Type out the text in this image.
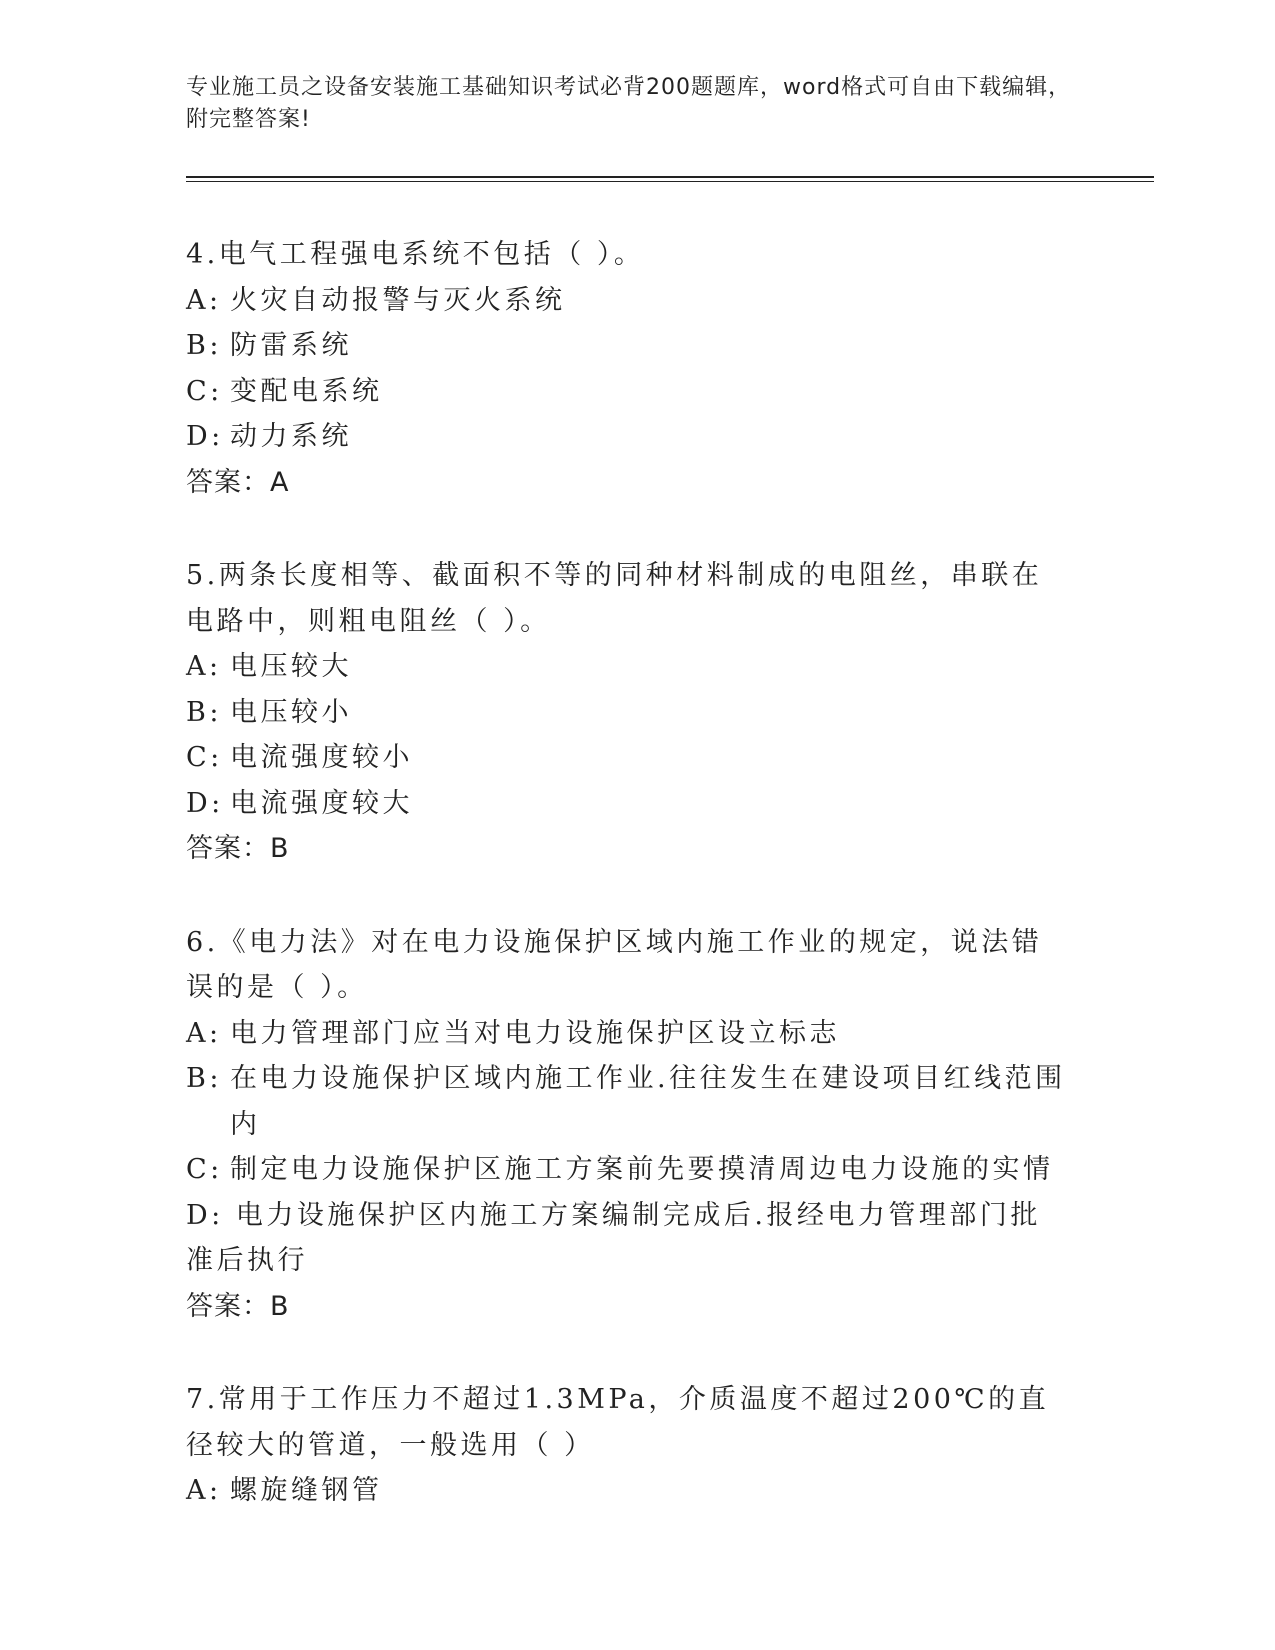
专业施工员之设备安装施工基础知识考试必背200题题库，word格式可自由下载编辑，附完整答案!

4.电气工程强电系统不包括（ ）。

A: 火灾自动报警与灭火系统

B: 防雷系统

C: 变配电系统

D: 动力系统

答案：A

5.两条长度相等、截面积不等的同种材料制成的电阻丝，串联在电路中，则粗电阻丝（ ）。

A: 电压较大

B: 电压较小

C: 电流强度较小

D: 电流强度较大

答案：B

6.《电力法》对在电力设施保护区域内施工作业的规定，说法错误的是（ ）。

A: 电力管理部门应当对电力设施保护区设立标志

B: 在电力设施保护区域内施工作业.往往发生在建设项目红线范围内

C: 制定电力设施保护区施工方案前先要摸清周边电力设施的实情

D: 电力设施保护区内施工方案编制完成后.报经电力管理部门批准后执行

答案：B

7.常用于工作压力不超过1.3MPa，介质温度不超过200℃的直径较大的管道，一般选用（ ）

A: 螺旋缝钢管
